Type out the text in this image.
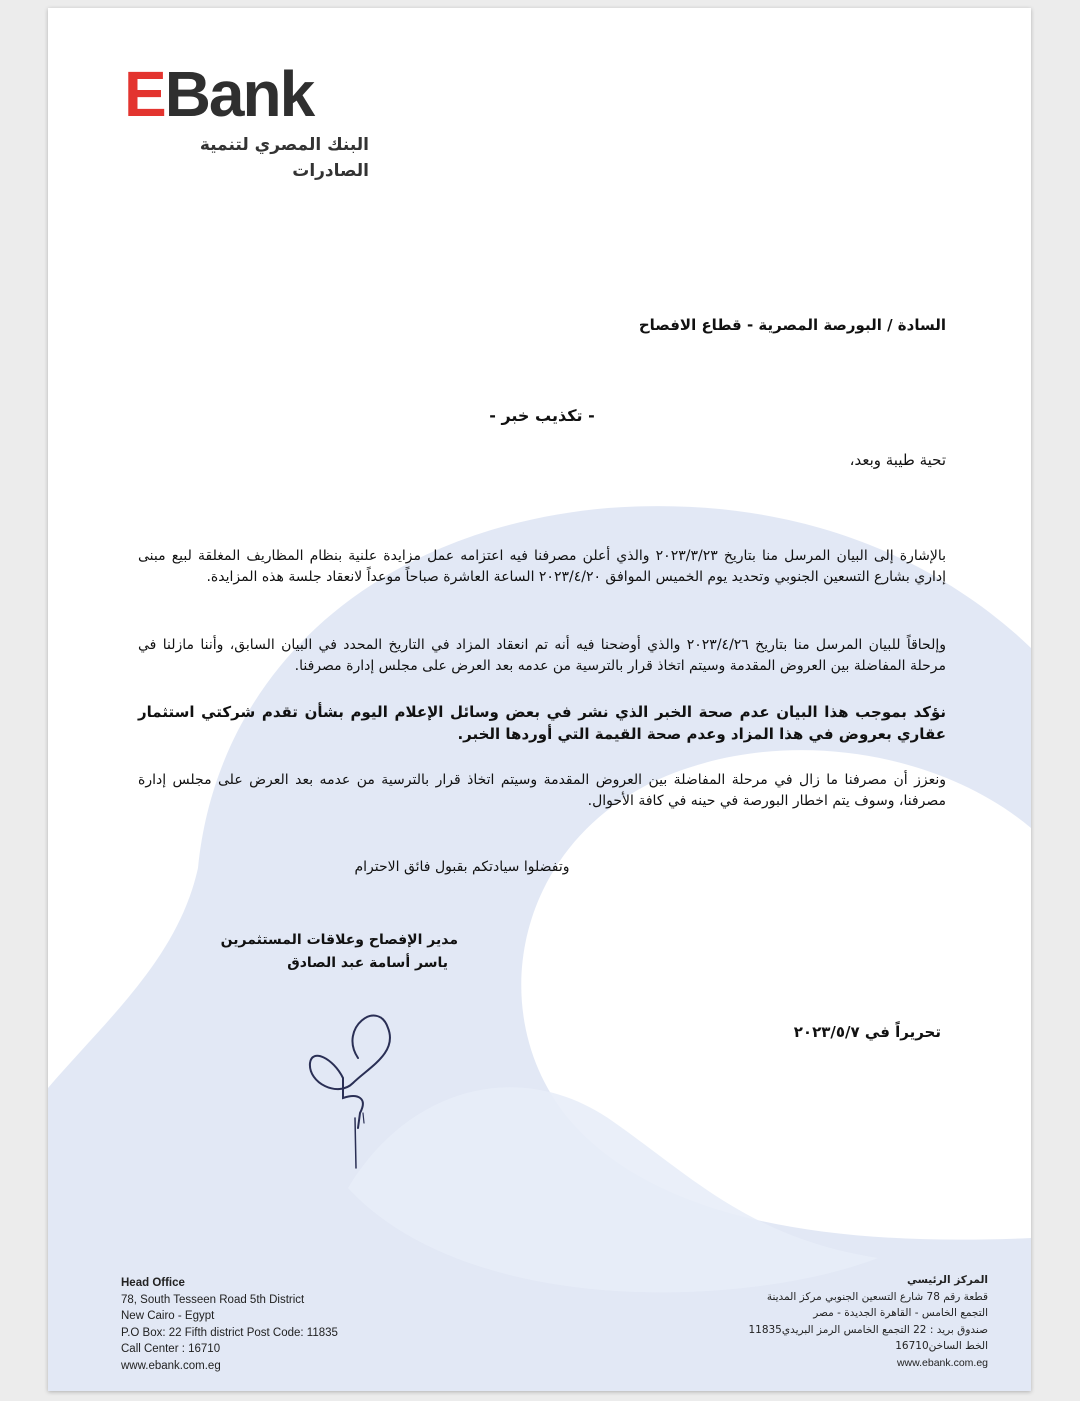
EBank
البنك المصري لتنمية الصادرات
السادة / البورصة المصرية - قطاع الافصاح
- تكذيب خبر -
تحية طيبة وبعد،
بالإشارة إلى البيان المرسل منا بتاريخ ٢٠٢٣/٣/٢٣ والذي أعلن مصرفنا فيه اعتزامه عمل مزايدة علنية بنظام المظاريف المغلقة لبيع مبنى إداري بشارع التسعين الجنوبي وتحديد يوم الخميس الموافق ٢٠٢٣/٤/٢٠ الساعة العاشرة صباحاً موعداً لانعقاد جلسة هذه المزايدة.
وإلحاقاً للبيان المرسل منا بتاريخ ٢٠٢٣/٤/٢٦ والذي أوضحنا فيه أنه تم انعقاد المزاد في التاريخ المحدد في البيان السابق، وأننا مازلنا في مرحلة المفاضلة بين العروض المقدمة وسيتم اتخاذ قرار بالترسية من عدمه بعد العرض على مجلس إدارة مصرفنا.
نؤكد بموجب هذا البيان عدم صحة الخبر الذي نشر في بعض وسائل الإعلام اليوم بشأن تقدم شركتي استثمار عقاري بعروض في هذا المزاد وعدم صحة القيمة التي أوردها الخبر.
ونعزز أن مصرفنا ما زال في مرحلة المفاضلة بين العروض المقدمة وسيتم اتخاذ قرار بالترسية من عدمه بعد العرض على مجلس إدارة مصرفنا، وسوف يتم اخطار البورصة في حينه في كافة الأحوال.
وتفضلوا سيادتكم بقبول فائق الاحترام
مدير الإفصاح وعلاقات المستثمرين
ياسر أسامة عبد الصادق
تحريراً في ٢٠٢٣/٥/٧
Head Office
78, South Tesseen Road 5th District
New Cairo - Egypt
P.O Box: 22 Fifth district Post Code: 11835
Call Center : 16710
www.ebank.com.eg
المركز الرئيسي
قطعة رقم 78 شارع التسعين الجنوبي مركز المدينة
التجمع الخامس - القاهرة الجديدة - مصر
صندوق بريد : 22 التجمع الخامس الرمز البريدي11835
الخط الساخن16710
www.ebank.com.eg
